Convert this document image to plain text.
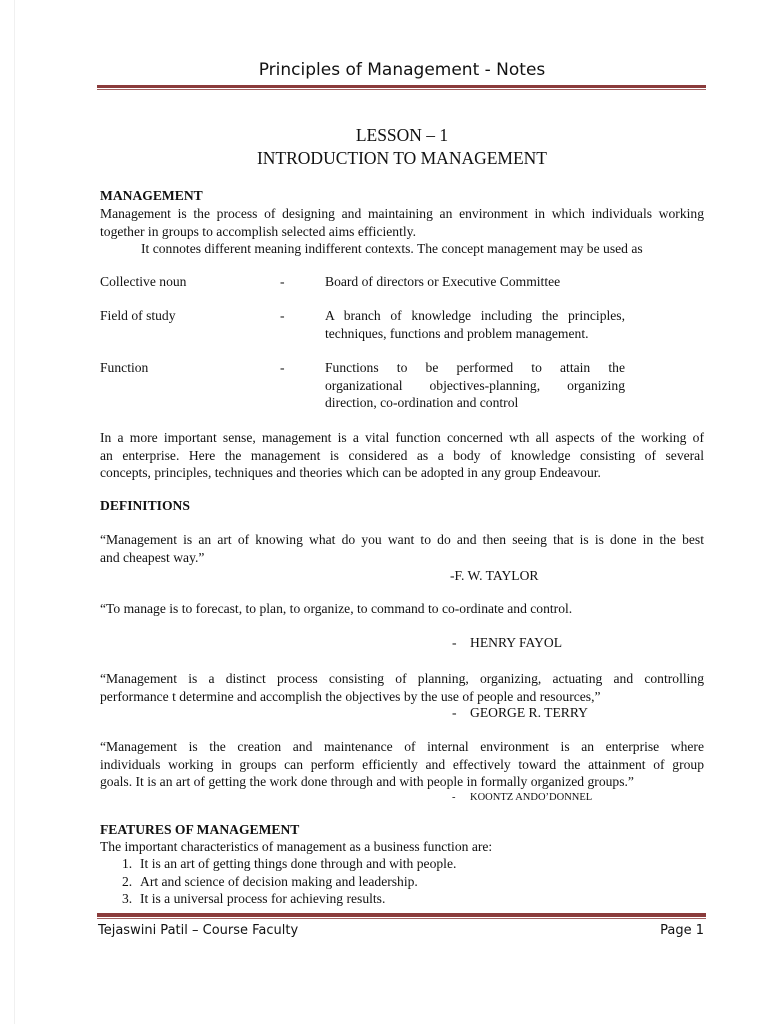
Principles of Management - Notes
LESSON – 1
INTRODUCTION TO MANAGEMENT
MANAGEMENT
Management is the process of designing and maintaining an environment in which individuals working
together in groups to accomplish selected aims efficiently.
It connotes different meaning indifferent contexts. The concept management may be used as
Collective noun	-	Board of directors or Executive Committee
Field of study	-	A branch of knowledge including the principles,
techniques, functions and problem management.
Function	-	Functions to be performed to attain the
organizational objectives-planning, organizing
direction, co-ordination and control
In a more important sense, management is a vital function concerned wth all aspects of the working of
an enterprise. Here the management is considered as a body of knowledge consisting of several
concepts, principles, techniques and theories which can be adopted in any group Endeavour.
DEFINITIONS
“Management is an art of knowing what do you want to do and then seeing that is is done in the best
and cheapest way.”
-F. W. TAYLOR
“To manage is to forecast, to plan, to organize, to command to co-ordinate and control.
- HENRY FAYOL
“Management is a distinct process consisting of planning, organizing, actuating and controlling
performance t determine and accomplish the objectives by the use of people and resources,”
- GEORGE R. TERRY
“Management is the creation and maintenance of internal environment is an enterprise where
individuals working in groups can perform efficiently and effectively toward the attainment of group
goals. It is an art of getting the work done through and with people in formally organized groups.”
- KOONTZ ANDO’DONNEL
FEATURES OF MANAGEMENT
The important characteristics of management as a business function are:
1. It is an art of getting things done through and with people.
2. Art and science of decision making and leadership.
3. It is a universal process for achieving results.
Tejaswini Patil – Course Faculty	Page 1
